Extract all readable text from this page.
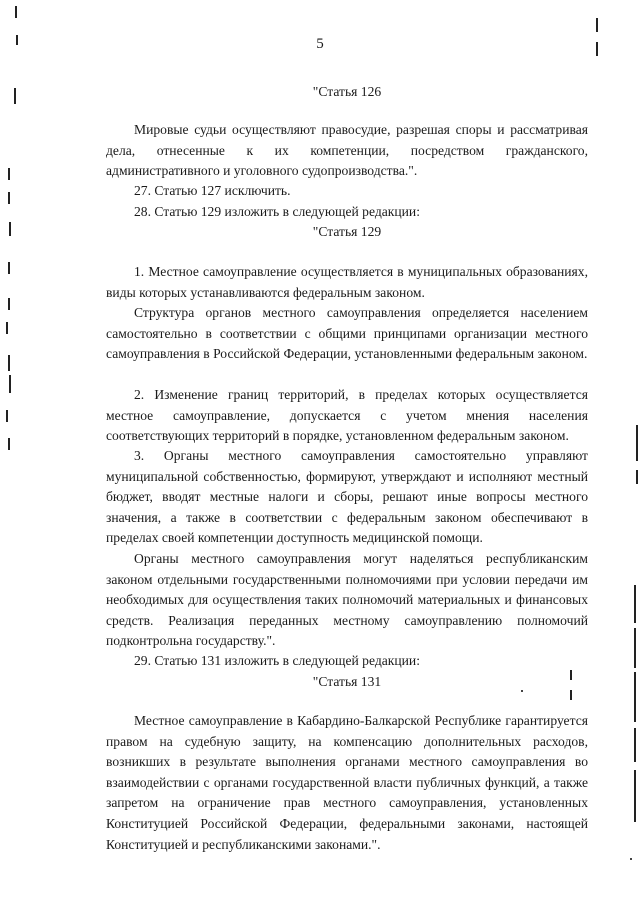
5
"Статья 126

Мировые судьи осуществляют правосудие, разрешая споры и рассматривая дела, отнесенные к их компетенции, посредством гражданского, административного и уголовного судопроизводства.".

27. Статью 127 исключить.

28. Статью 129 изложить в следующей редакции:

"Статья 129

1. Местное самоуправление осуществляется в муниципальных образованиях, виды которых устанавливаются федеральным законом.

Структура органов местного самоуправления определяется населением самостоятельно в соответствии с общими принципами организации местного самоуправления в Российской Федерации, установленными федеральным законом.

2. Изменение границ территорий, в пределах которых осуществляется местное самоуправление, допускается с учетом мнения населения соответствующих территорий в порядке, установленном федеральным законом.

3. Органы местного самоуправления самостоятельно управляют муниципальной собственностью, формируют, утверждают и исполняют местный бюджет, вводят местные налоги и сборы, решают иные вопросы местного значения, а также в соответствии с федеральным законом обеспечивают в пределах своей компетенции доступность медицинской помощи.

Органы местного самоуправления могут наделяться республиканским законом отдельными государственными полномочиями при условии передачи им необходимых для осуществления таких полномочий материальных и финансовых средств. Реализация переданных местному самоуправлению полномочий подконтрольна государству.".

29. Статью 131 изложить в следующей редакции:

"Статья 131

Местное самоуправление в Кабардино-Балкарской Республике гарантируется правом на судебную защиту, на компенсацию дополнительных расходов, возникших в результате выполнения органами местного самоуправления во взаимодействии с органами государственной власти публичных функций, а также запретом на ограничение прав местного самоуправления, установленных Конституцией Российской Федерации, федеральными законами, настоящей Конституцией и республиканскими законами.".
